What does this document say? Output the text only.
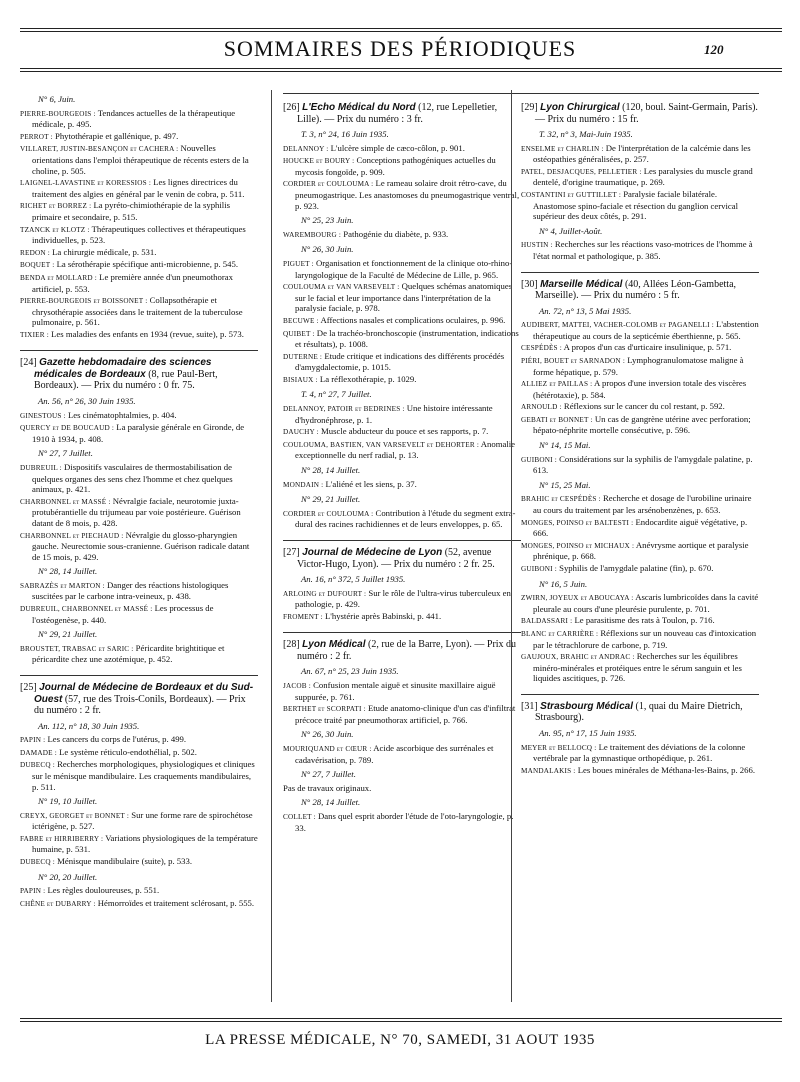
SOMMAIRES DES PÉRIODIQUES	120
N° 6, Juin.
PIERRE-BOURGEOIS : Tendances actuelles de la thérapeutique médicale, p. 495.
PERROT : Phytothérapie et gallénique, p. 497.
VILLARET, JUSTIN-BESANÇON et CACHERA : Nouvelles orientations dans l'emploi thérapeutique de récents esters de la choline, p. 505.
LAIGNEL-LAVASTINE et KORESSIOS : Les lignes directrices du traitement des algies en général par le venin de cobra, p. 511.
RICHET et BORREZ : La pyréto-chimiothérapie de la syphilis primaire et secondaire, p. 515.
TZANCK et KLOTZ : Thérapeutiques collectives et thérapeutiques individuelles, p. 523.
REDON : La chirurgie médicale, p. 531.
BOQUET : La sérothérapie spécifique anti-microbienne, p. 545.
BENDA et MOLLARD : Le première année d'un pneumothorax artificiel, p. 553.
PIERRE-BOURGEOIS et BOISSONET : Collapsothérapie et chrysothérapie associées dans le traitement de la tuberculose pulmonaire, p. 561.
TIXIER : Les maladies des enfants en 1934 (revue, suite), p. 573.
[24] Gazette hebdomadaire des sciences médicales de Bordeaux (8, rue Paul-Bert, Bordeaux). — Prix du numéro : 0 fr. 75.
An. 56, n° 26, 30 Juin 1935.
GINESTOUS : Les cinématophtalmies, p. 404.
QUERCY et DE BOUCAUD : La paralysie générale en Gironde, de 1910 à 1934, p. 408.
N° 27, 7 Juillet.
DUBREUIL : Dispositifs vasculaires de thermostabilisation de quelques organes des sens chez l'homme et chez quelques animaux, p. 421.
CHARBONNEL et MASSÉ : Névralgie faciale, neurotomie juxta-protubérantielle du trijumeau par voie postérieure. Guérison datant de 8 mois, p. 428.
CHARBONNEL et PIECHAUD : Névralgie du glosso-pharyngien gauche. Neurectomie sous-cranienne. Guérison radicale datant de 15 mois, p. 429.
N° 28, 14 Juillet.
SABRAZÈS et MARTON : Danger des réactions histologiques suscitées par le carbone intra-veineux, p. 438.
DUBREUIL, CHARBONNEL et MASSÉ : Les processus de l'ostéogenèse, p. 440.
N° 29, 21 Juillet.
BROUSTET, TRABSAC et SARIC : Péricardite brightitique et péricardite chez une azotémique, p. 452.
[25] Journal de Médecine de Bordeaux et du Sud-Ouest (57, rue des Trois-Conils, Bordeaux). — Prix du numéro : 2 fr.
An. 112, n° 18, 30 Juin 1935.
PAPIN : Les cancers du corps de l'utérus, p. 499.
DAMADE : Le système réticulo-endothélial, p. 502.
DUBECQ : Recherches morphologiques, physiologiques et cliniques sur le ménisque mandibulaire. Les craquements mandibulaires, p. 511.
N° 19, 10 Juillet.
CREYX, GEORGET et BONNET : Sur une forme rare de spirochétose ictérigène, p. 527.
FABRE et HIRRIBERRY : Variations physiologiques de la température humaine, p. 531.
DUBECQ : Ménisque mandibulaire (suite), p. 533.
N° 20, 20 Juillet.
PAPIN : Les règles douloureuses, p. 551.
CHÊNE et DUBARRY : Hémorroïdes et traitement sclérosant, p. 555.
[26] L'Echo Médical du Nord (12, rue Lepelletier, Lille). — Prix du numéro : 3 fr.
T. 3, n° 24, 16 Juin 1935.
DELANNOY : L'ulcère simple de cæco-côlon, p. 901.
HOUCKE et BOURY : Conceptions pathogéniques actuelles du mycosis fongoïde, p. 909.
CORDIER et COULOUMA : Le rameau solaire droit rétro-cave, du pneumogastrique. Les anastomoses du pneumogastrique ventral, p. 923.
N° 25, 23 Juin.
WAREMBOURG : Pathogénie du diabète, p. 933.
N° 26, 30 Juin.
PIGUET : Organisation et fonctionnement de la clinique oto-rhino-laryngologique de la Faculté de Médecine de Lille, p. 965.
COULOUMA et VAN VARSEVELT : Quelques schémas anatomiques sur le facial et leur importance dans l'interprétation de la paralysie faciale, p. 978.
BECUWE : Affections nasales et complications oculaires, p. 996.
QUIBET : De la trachéo-bronchoscopie (instrumentation, indications et résultats), p. 1008.
DUTERNE : Etude critique et indications des différents procédés d'amygdalectomie, p. 1015.
BISIAUX : La réflexothérapie, p. 1029.
T. 4, n° 27, 7 Juillet.
DELANNOY, PATOIR et BEDRINES : Une histoire intéressante d'hydronéphrose, p. 1.
DAUCHY : Muscle abducteur du pouce et ses rapports, p. 7.
COULOUMA, BASTIEN, VAN VARSEVELT et DEHORTER : Anomalie exceptionnelle du nerf radial, p. 13.
N° 28, 14 Juillet.
MONDAIN : L'aliéné et les siens, p. 37.
N° 29, 21 Juillet.
CORDIER et COULOUMA : Contribution à l'étude du segment extra-dural des racines rachidiennes et de leurs enveloppes, p. 65.
[27] Journal de Médecine de Lyon (52, avenue Victor-Hugo, Lyon). — Prix du numéro : 2 fr. 25.
An. 16, n° 372, 5 Juillet 1935.
ARLOING et DUFOURT : Sur le rôle de l'ultra-virus tuberculeux en pathologie, p. 429.
FROMENT : L'hystérie après Babinski, p. 441.
[28] Lyon Médical (2, rue de la Barre, Lyon). — Prix du numéro : 2 fr.
An. 67, n° 25, 23 Juin 1935.
JACOB : Confusion mentale aiguë et sinusite maxillaire aiguë suppurée, p. 761.
BERTHET et SCORPATI : Etude anatomo-clinique d'un cas d'infiltrat précoce traité par pneumothorax artificiel, p. 766.
N° 26, 30 Juin.
MOURIQUAND et CŒUR : Acide ascorbique des surrénales et cadavérisation, p. 789.
N° 27, 7 Juillet.
Pas de travaux originaux.
N° 28, 14 Juillet.
COLLET : Dans quel esprit aborder l'étude de l'oto-laryngologie, p. 33.
[29] Lyon Chirurgical (120, boul. Saint-Germain, Paris). — Prix du numéro : 15 fr.
T. 32, n° 3, Mai-Juin 1935.
ENSELME et CHARLIN : De l'interprétation de la calcémie dans les ostéopathies généralisées, p. 257.
PATEL, DESJACQUES, PELLETIER : Les paralysies du muscle grand dentelé, d'origine traumatique, p. 269.
COSTANTINI et GUTTILLET : Paralysie faciale bilatérale. Anastomose spino-faciale et résection du ganglion cervical supérieur des deux côtés, p. 291.
N° 4, Juillet-Août.
HUSTIN : Recherches sur les réactions vaso-motrices de l'homme à l'état normal et pathologique, p. 385.
[30] Marseille Médical (40, Allées Léon-Gambetta, Marseille). — Prix du numéro : 5 fr.
An. 72, n° 13, 5 Mai 1935.
AUDIBERT, MATTEI, VACHER-COLOMB et PAGANELLI : L'abstention thérapeutique au cours de la septicémie éberthienne, p. 565.
CESPÉDÈS : A propos d'un cas d'urticaire insulinique, p. 571.
PIÉRI, BOUET et SARNADON : Lymphogranulomatose maligne à forme hépatique, p. 579.
ALLIEZ et PAILLAS : A propos d'une inversion totale des viscères (hétérotaxie), p. 584.
ARNOULD : Réflexions sur le cancer du col restant, p. 592.
GEBATI et BONNET : Un cas de gangrène utérine avec perforation; hépato-néphrite mortelle consécutive, p. 596.
N° 14, 15 Mai.
GUIBONI : Considérations sur la syphilis de l'amygdale palatine, p. 613.
N° 15, 25 Mai.
BRAHIC et CESPÉDÈS : Recherche et dosage de l'urobiline urinaire au cours du traitement par les arsénobenzènes, p. 653.
MONGES, POINSO et BALTESTI : Endocardite aiguë végétative, p. 666.
MONGES, POINSO et MICHAUX : Anévrysme aortique et paralysie phrénique, p. 668.
GUIBONI : Syphilis de l'amygdale palatine (fin), p. 670.
N° 16, 5 Juin.
ZWIRN, JOYEUX et ABOUCAYA : Ascaris lumbricoïdes dans la cavité pleurale au cours d'une pleurésie purulente, p. 701.
BALDASSARI : Le parasitisme des rats à Toulon, p. 716.
BLANC et CARRIÈRE : Réflexions sur un nouveau cas d'intoxication par le tétrachlorure de carbone, p. 719.
GAUJOUX, BRAHIC et ANDRAC : Recherches sur les équilibres minéro-minérales et protéiques entre le sérum sanguin et les liquides ascitiques, p. 726.
[31] Strasbourg Médical (1, quai du Maire Dietrich, Strasbourg).
An. 95, n° 17, 15 Juin 1935.
MEYER et BELLOCQ : Le traitement des déviations de la colonne vertébrale par la gymnastique orthopédique, p. 261.
MANDALAKIS : Les boues minérales de Méthana-les-Bains, p. 266.
LA PRESSE MÉDICALE, N° 70, SAMEDI, 31 AOUT 1935
